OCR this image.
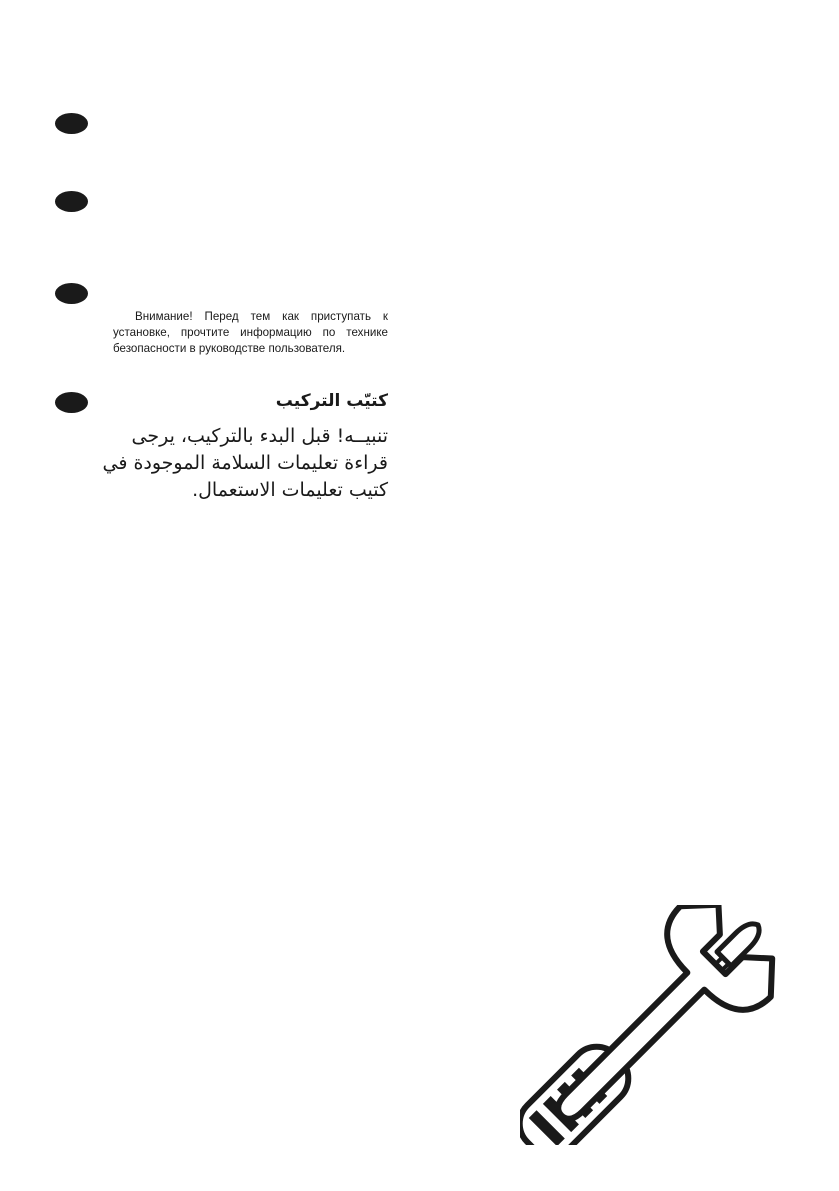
Внимание! Перед тем как приступать к установке, прочтите информацию по технике безопасности в руководстве пользователя.
كتيّب التركيب
تنبيــه! قبل البدء بالتركيب، يرجى
قراءة تعليمات السلامة الموجودة في
كتيب تعليمات الاستعمال.
